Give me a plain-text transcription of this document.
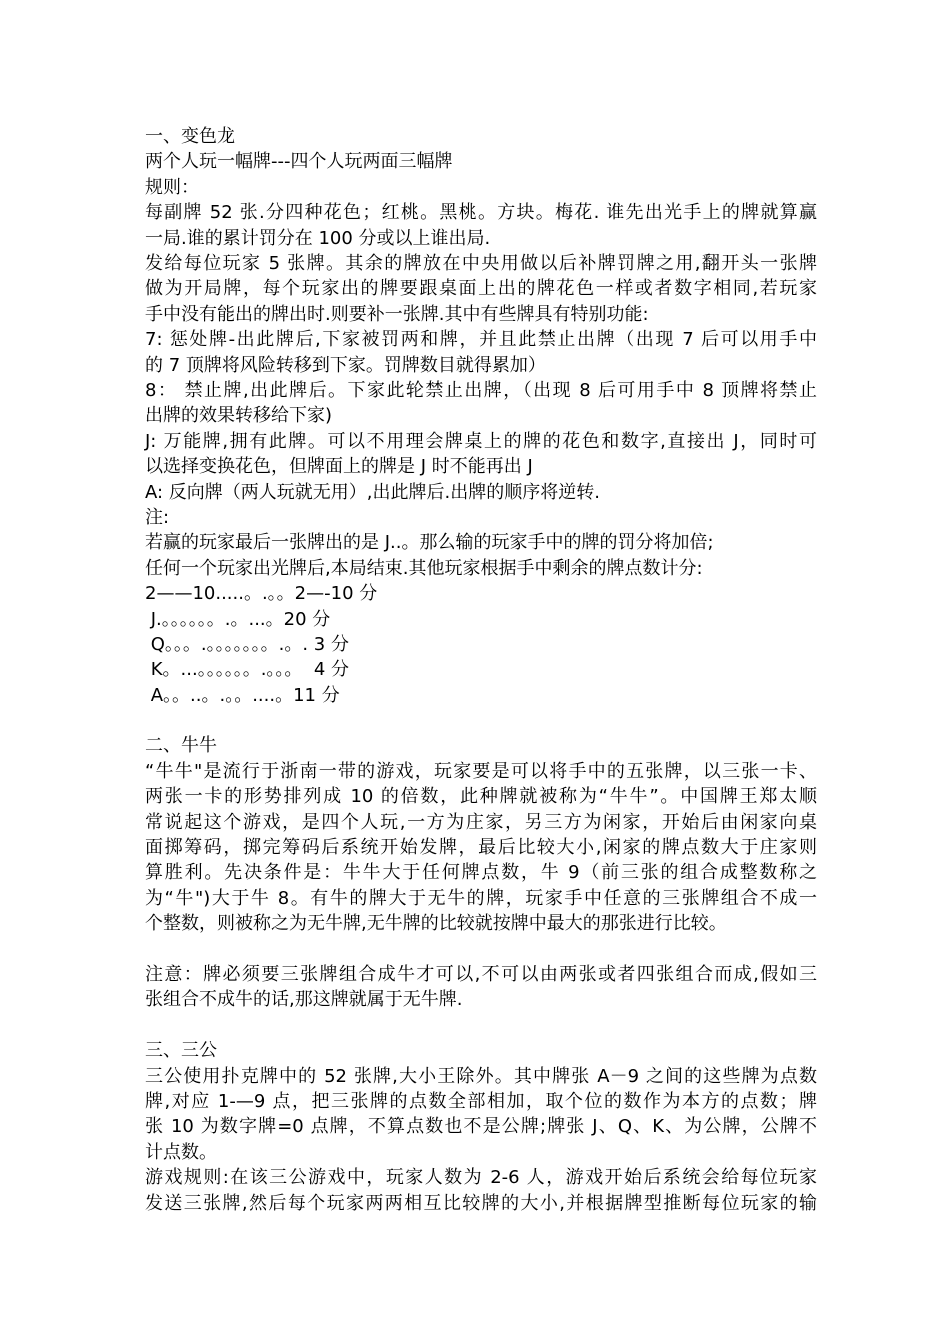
一、变色龙
两个人玩一幅牌---四个人玩两面三幅牌
规则：
每副牌 52 张.分四种花色；红桃。黑桃。方块。梅花. 谁先出光手上的牌就算赢
一局.谁的累计罚分在 100 分或以上谁出局.
发给每位玩家 5 张牌。其余的牌放在中央用做以后补牌罚牌之用,翻开头一张牌
做为开局牌，每个玩家出的牌要跟桌面上出的牌花色一样或者数字相同,若玩家
手中没有能出的牌出时.则要补一张牌.其中有些牌具有特别功能:
7: 惩处牌-出此牌后,下家被罚两和牌，并且此禁止出牌（出现 7 后可以用手中
的 7 顶牌将风险转移到下家。罚牌数目就得累加）
8： 禁止牌,出此牌后。下家此轮禁止出牌，（出现 8 后可用手中 8 顶牌将禁止
出牌的效果转移给下家)
J: 万能牌,拥有此牌。可以不用理会牌桌上的牌的花色和数字,直接出 J，同时可
以选择变换花色，但牌面上的牌是 J 时不能再出 J
A: 反向牌（两人玩就无用）,出此牌后.出牌的顺序将逆转.
注:
若赢的玩家最后一张牌出的是 J..。那么输的玩家手中的牌的罚分将加倍;
任何一个玩家出光牌后,本局结束.其他玩家根据手中剩余的牌点数计分:
2——10.....。.。。2—-10 分
J.。。。。。。.。...。20 分
Q。。。.。。。。。。。.。. 3 分
K。...。。。。。。.。。。  4 分
A。。..。.。。....。11 分
二、牛牛
“牛牛"是流行于浙南一带的游戏，玩家要是可以将手中的五张牌，以三张一卡、
两张一卡的形势排列成 10 的倍数，此种牌就被称为“牛牛”。中国牌王郑太顺
常说起这个游戏，是四个人玩,一方为庄家，另三方为闲家，开始后由闲家向桌
面掷筹码，掷完筹码后系统开始发牌，最后比较大小,闲家的牌点数大于庄家则
算胜利。先决条件是：牛牛大于任何牌点数，牛 9（前三张的组合成整数称之
为“牛")大于牛 8。有牛的牌大于无牛的牌，玩家手中任意的三张牌组合不成一
个整数，则被称之为无牛牌,无牛牌的比较就按牌中最大的那张进行比较。
注意：牌必须要三张牌组合成牛才可以,不可以由两张或者四张组合而成,假如三
张组合不成牛的话,那这牌就属于无牛牌.
三、三公
三公使用扑克牌中的 52 张牌,大小王除外。其中牌张 A－9 之间的这些牌为点数
牌,对应 1-—9 点，把三张牌的点数全部相加，取个位的数作为本方的点数；牌
张 10 为数字牌=0 点牌，不算点数也不是公牌;牌张 J、Q、K、为公牌，公牌不
计点数。
游戏规则:在该三公游戏中，玩家人数为 2-6 人，游戏开始后系统会给每位玩家
发送三张牌,然后每个玩家两两相互比较牌的大小,并根据牌型推断每位玩家的输
